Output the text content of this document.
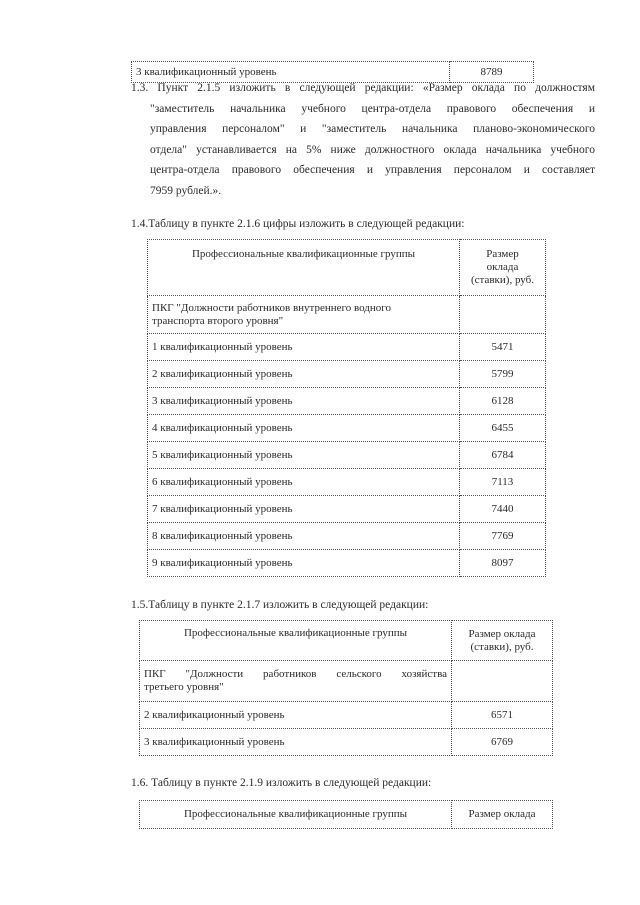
3 квалификационный уровень	8789
1.3. Пункт 2.1.5 изложить в следующей редакции: «Размер оклада по должностям
"заместитель начальника учебного центра-отдела правового обеспечения и
управления персоналом" и "заместитель начальника планово-экономического
отдела" устанавливается на 5% ниже должностного оклада начальника учебного
центра-отдела правового обеспечения и управления персоналом и составляет
7959 рублей.».
1.4.Таблицу в пункте 2.1.6 цифры изложить в следующей редакции:
Профессиональные квалификационные группы	Размер
оклада
(ставки), руб.

ПКГ "Должности работников внутреннего водного
транспорта второго уровня"	

1 квалификационный уровень	5471
2 квалификационный уровень	5799
3 квалификационный уровень	6128
4 квалификационный уровень	6455
5 квалификационный уровень	6784
6 квалификационный уровень	7113
7 квалификационный уровень	7440
8 квалификационный уровень	7769
9 квалификационный уровень	8097
1.5.Таблицу в пункте 2.1.7 изложить в следующей редакции:
Профессиональные квалификационные группы	Размер оклада
(ставки), руб.

ПКГ "Должности работников сельского хозяйства
третьего уровня"	

2 квалификационный уровень	6571
3 квалификационный уровень	6769
1.6. Таблицу в пункте 2.1.9 изложить в следующей редакции:
Профессиональные квалификационные группы	Размер оклада
